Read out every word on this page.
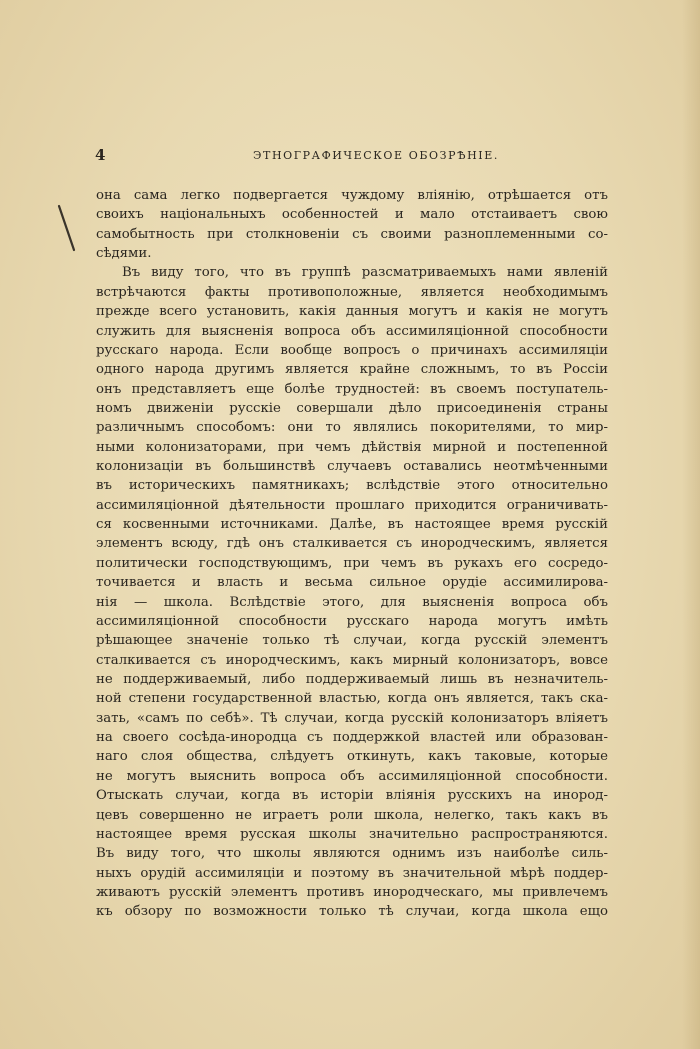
4	ЭТНОГРАФИЧЕСКОЕ ОБОЗРѢНІЕ.
она сама легко подвергается чуждому вліянію, отрѣшается отъ
своихъ національныхъ особенностей и мало отстаиваетъ свою
самобытность при столкновеніи съ своими разноплеменными со-
сѣдями.
Въ виду того, что въ группѣ разсматриваемыхъ нами явленій
встрѣчаются факты противоположные, является необходимымъ
прежде всего установить, какія данныя могутъ и какія не могутъ
служить для выясненія вопроса объ ассимиляціонной способности
русскаго народа. Если вообще вопросъ о причинахъ ассимиляціи
одного народа другимъ является крайне сложнымъ, то въ Россіи
онъ представляетъ еще болѣе трудностей: въ своемъ поступатель-
номъ движеніи русскіе совершали дѣло присоединенія страны
различнымъ способомъ: они то являлись покорителями, то мир-
ными колонизаторами, при чемъ дѣйствія мирной и постепенной
колонизаціи въ большинствѣ случаевъ оставались неотмѣченными
въ историческихъ памятникахъ; вслѣдствіе этого относительно
ассимиляціонной дѣятельности прошлаго приходится ограничивать-
ся косвенными источниками. Далѣе, въ настоящее время русскій
элементъ всюду, гдѣ онъ сталкивается съ инородческимъ, является
политически господствующимъ, при чемъ въ рукахъ его сосредо-
точивается и власть и весьма сильное орудіе ассимилирова-
нія — школа. Вслѣдствіе этого, для выясненія вопроса объ
ассимиляціонной способности русскаго народа могутъ имѣть
рѣшающее значеніе только тѣ случаи, когда русскій элементъ
сталкивается съ инородческимъ, какъ мирный колонизаторъ, вовсе
не поддерживаемый, либо поддерживаемый лишь въ незначитель-
ной степени государственной властью, когда онъ является, такъ ска-
зать, «самъ по себѣ». Тѣ случаи, когда русскій колонизаторъ вліяетъ
на своего сосѣда-инородца съ поддержкой властей или образован-
наго слоя общества, слѣдуетъ откинуть, какъ таковые, которые
не могутъ выяснить вопроса объ ассимиляціонной способности.
Отыскать случаи, когда въ исторіи вліянія русскихъ на инород-
цевъ совершенно не играетъ роли школа, нелегко, такъ какъ въ
настоящее время русская школы значительно распространяются.
Въ виду того, что школы являются однимъ изъ наиболѣе силь-
ныхъ орудій ассимиляціи и поэтому въ значительной мѣрѣ поддер-
живаютъ русскій элементъ противъ инородческаго, мы привлечемъ
къ обзору по возможности только тѣ случаи, когда школа ещо
